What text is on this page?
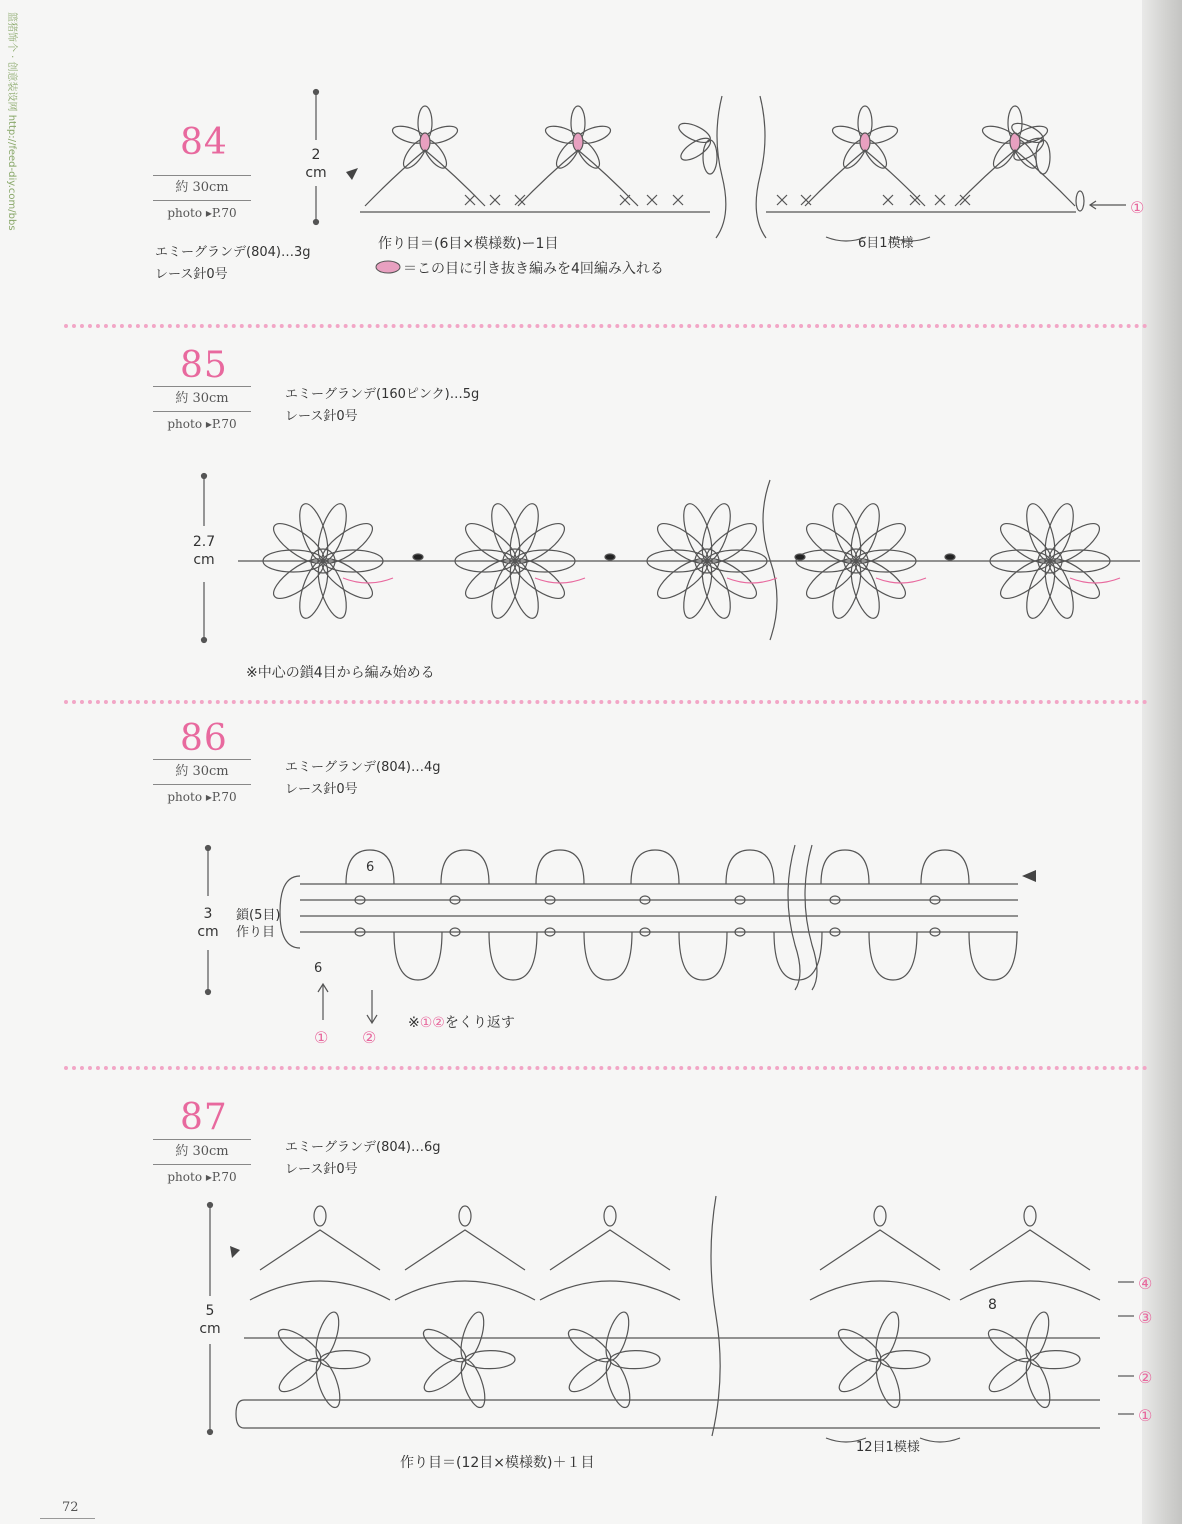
篮猪饰个 · 创意装设网 http://feed-diy.com/bbs	84
約 30cm
photo ▸P.70
エミーグランデ(804)…3g
レース針0号
2
cm
作り目＝(6目×模様数)ー1目
＝この目に引き抜き編みを4回編み入れる
6目1模様
①
85
約 30cm
photo ▸P.70
エミーグランデ(160ピンク)…5g
レース針0号
2.7
cm
※中心の鎖4目から編み始める
86
約 30cm
photo ▸P.70
エミーグランデ(804)…4g
レース針0号
3
cm
鎖(5目)
作り目
6
6
① ②
※①②をくり返す
87
約 30cm
photo ▸P.70
エミーグランデ(804)…6g
レース針0号
5
cm
8
作り目＝(12目×模様数)＋１目
12目1模様
④
③
②
①
72
